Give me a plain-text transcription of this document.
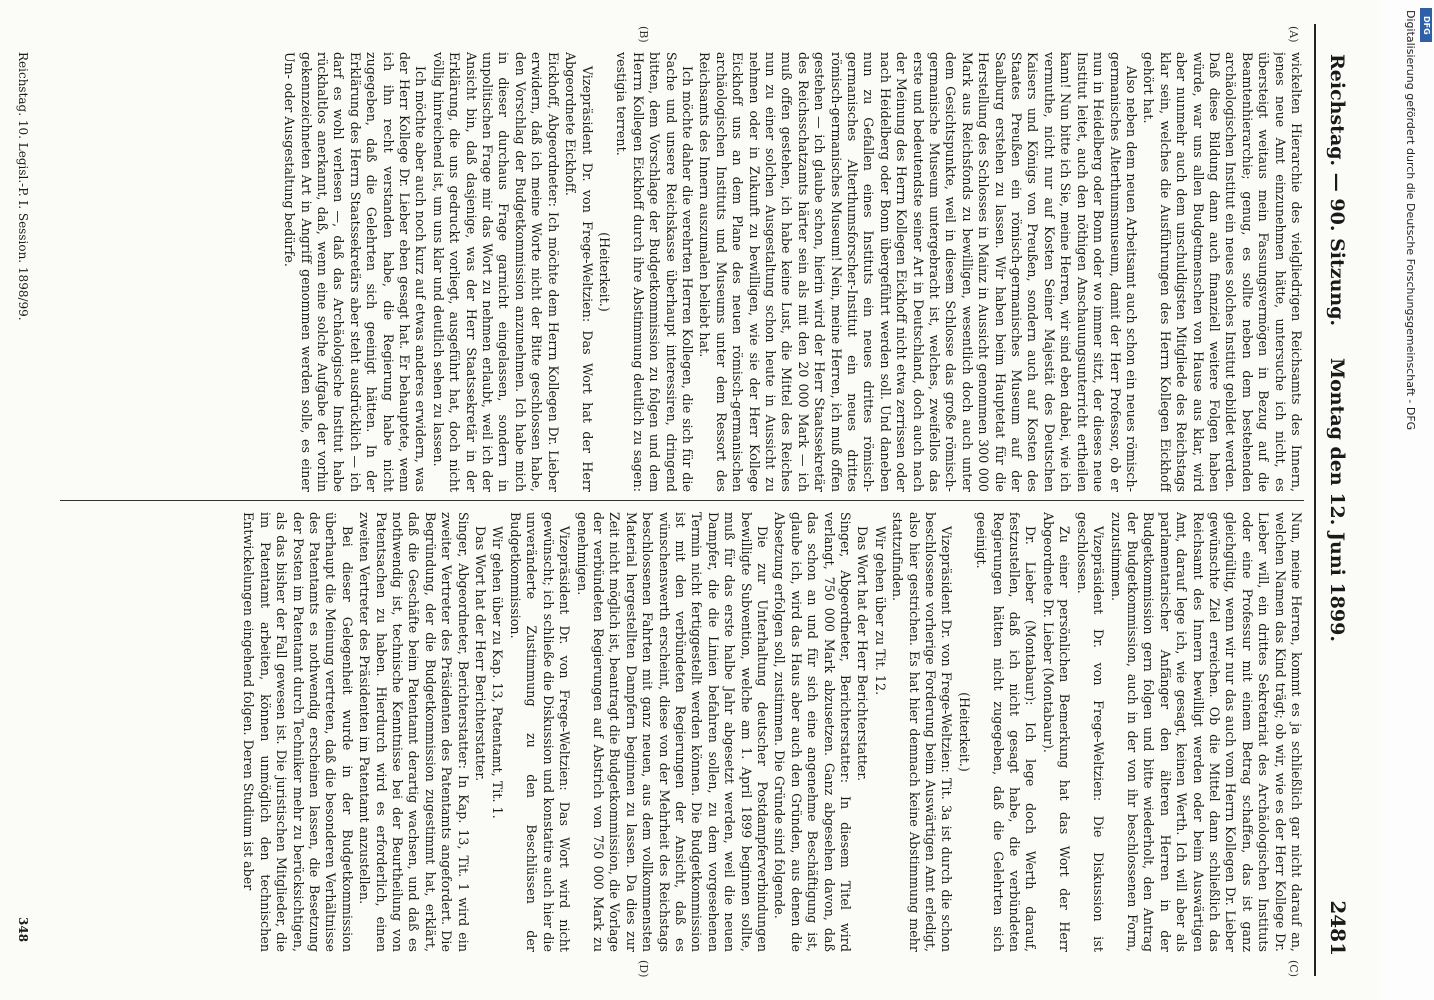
Reichstag. — 90. Sitzung.
Montag den 12. Juni 1899.
2481
(A)
(B)
(C)
(D)

wickelten Hierarchie des vielgliedrigen Reichsamts des Innern, jenes neue Amt einzunehmen hätte, untersuche ich nicht, es übersteigt weitaus mein Fassungsvermögen in Bezug auf die Beamtenhierarchie; genug, es sollte neben dem bestehenden archäologischen Institut ein neues solches Institut gebildet werden. Daß diese Bildung dann auch finanziell weitere Folgen haben würde, war uns allen Budgetmenschen von Hause aus klar, wird aber nunmehr auch dem unschuldigsten Mitgliede des Reichstags klar sein, welches die Ausführungen des Herrn Kollegen Eickhoff gehört hat.

Also neben dem neuen Arbeitsamt auch schon ein neues römisch-germanisches Alterthumsmuseum, damit der Herr Professor, ob er nun in Heidelberg oder Bonn oder wo immer sitzt, der dieses neue Institut leitet, auch den nöthigen Anschauungsunterricht ertheilen kann! Nun bitte ich Sie, meine Herren, wir sind eben dabei, wie ich vermuthe, nicht nur auf Kosten Seiner Majestät des Deutschen Kaisers und Königs von Preußen, sondern auch auf Kosten des Staates Preußen ein römisch-germanisches Museum auf der Saalburg erstehen zu lassen. Wir haben beim Hauptetat für die Herstellung des Schlosses in Mainz in Aussicht genommen 300 000 Mark aus Reichsfonds zu bewilligen, wesentlich doch auch unter dem Gesichtspunkte, weil in diesem Schlosse das große römisch-germanische Museum untergebracht ist, welches, zweifellos das erste und bedeutendste seiner Art in Deutschland, doch auch nach der Meinung des Herrn Kollegen Eickhoff nicht etwa zerrissen oder nach Heidelberg oder Bonn übergeführt werden soll. Und daneben nun zu Gefallen eines Instituts ein neues drittes römisch-germanisches Alterthumsforscher-Institut ein neues drittes römisch-germanisches Museum! Nein, meine Herren, ich muß offen gestehen — ich glaube schon, hierin wird der Herr Staatssekretär des Reichsschatzamts härter sein als mit den 20 000 Mark — ich muß offen gestehen, ich habe keine Lust, die Mittel des Reiches nun zu einer solchen Ausgestaltung schon heute in Aussicht zu nehmen oder in Zukunft zu bewilligen, wie sie der Herr Kollege Eickhoff uns an dem Plane des neuen römisch-germanischen archäologischen Instituts und Museums unter dem Ressort des Reichsamts des Innern auszumalen beliebt hat.

Ich möchte daher die verehrten Herren Kollegen, die sich für die Sache und unsere Reichskasse überhaupt interessiren, dringend bitten, dem Vorschlage der Budgetkommission zu folgen und dem Herrn Kollegen Eickhoff durch ihre Abstimmung deutlich zu sagen: vestigia terrent.

(Heiterkeit.)

Vizepräsident Dr. von Frege-Weltzien: Das Wort hat der Herr Abgeordnete Eickhoff.

Eickhoff, Abgeordneter: Ich möchte dem Herrn Kollegen Dr. Lieber erwidern, daß ich meine Worte nicht der Bitte geschlossen habe, den Vorschlag der Budgetkommission anzunehmen. Ich habe mich in dieser durchaus Frage garnicht eingelassen, sondern in unpolitischen Frage mir das Wort zu nehmen erlaubt, weil ich der Ansicht bin, daß dasjenige, was der Herr Staatssekretär in der Erklärung, die uns gedruckt vorliegt, ausgeführt hat, doch nicht völlig hinreichend ist, um uns klar und deutlich sehen zu lassen.

Ich möchte aber auch noch kurz auf etwas anderes erwidern, was der Herr Kollege Dr. Lieber eben gesagt hat. Er behauptete, wenn ich ihn recht verstanden habe, die Regierung habe nicht zugegeben, daß die Gelehrten sich geeinigt hätten. In der Erklärung des Herrn Staatssekretärs aber steht ausdrücklich — ich darf es wohl verlesen —, daß das Archäologische Institut habe rückhaltlos anerkannt, daß, wenn eine solche Aufgabe der vorhin gekennzeichneten Art in Angriff genommen werden solle, es einer Um- oder Ausgestaltung bedürfe.

Nun, meine Herren, kommt es ja schließlich gar nicht darauf an, welchen Namen das Kind trägt; ob wir, wie es der Herr Kollege Dr. Lieber will, ein drittes Sekretariat des Archäologischen Instituts oder eine Professur mit einem Betrag schaffen, das ist ganz gleichgültig, wenn wir nur das auch vom Herrn Kollegen Dr. Lieber gewünschte Ziel erreichen. Ob die Mittel dann schließlich das Reichsamt des Innern bewilligt werden oder beim Auswärtigen Amt, darauf lege ich, wie gesagt, keinen Werth. Ich will aber als parlamentarischer Anfänger den älteren Herren in der Budgetkommission gern folgen und bitte wiederholt, den Antrag der Budgetkommission, auch in der von ihr beschlossenen Form, zuzustimmen.

Vizepräsident Dr. von Frege-Weltzien: Die Diskussion ist geschlossen.

Zu einer persönlichen Bemerkung hat das Wort der Herr Abgeordnete Dr. Lieber (Montabaur).

Dr. Lieber (Montabaur): Ich lege doch Werth darauf, festzustellen, daß ich nicht gesagt habe, die verbündeten Regierungen hätten nicht zugegeben, daß die Gelehrten sich geeinigt.

(Heiterkeit.)

Vizepräsident Dr. von Frege-Weltzien: Tit. 3a ist durch die schon beschlossene vorherige Forderung beim Auswärtigen Amt erledigt, also hier gestrichen. Es hat hier demnach keine Abstimmung mehr stattzufinden.

Wir gehen über zu Tit. 12.

Das Wort hat der Herr Berichterstatter.

Singer, Abgeordneter, Berichterstatter: In diesem Titel wird verlangt, 750 000 Mark abzusetzen. Ganz abgesehen davon, daß das schon an und für sich eine angenehme Beschäftigung ist, glaube ich, wird das Haus aber auch den Gründen, aus denen die Absetzung erfolgen soll, zustimmen. Die Gründe sind folgende.

Die zur Unterhaltung deutscher Postdampferverbindungen bewilligte Subvention, welche am 1. April 1899 beginnen sollte, muß für das erste halbe Jahr abgesetzt werden, weil die neuen Dampfer, die die Linien befahren sollen, zu dem vorgesehenen Termin nicht fertiggestellt werden können. Die Budgetkommission ist mit den verbündeten Regierungen der Ansicht, daß es wünschenswerth erscheint, diese von der Mehrheit des Reichstags beschlossenen Fahrten mit ganz neuen, aus dem vollkommensten Material hergestellten Dampfern beginnen zu lassen. Da dies zur Zeit nicht möglich ist, beantragt die Budgetkommission, die Vorlage der verbündeten Regierungen auf Abstrich von 750 000 Mark zu genehmigen.

Vizepräsident Dr. von Frege-Weltzien: Das Wort wird nicht gewünscht; ich schließe die Diskussion und konstatire auch hier die unveränderte Zustimmung zu den Beschlüssen der Budgetkommission.

Wir gehen über zu Kap. 13, Patentamt, Tit. 1.

Das Wort hat der Herr Berichterstatter.

Singer, Abgeordneter, Berichterstatter: In Kap. 13, Tit. 1 wird ein zweiter Vertreter des Präsidenten des Patentamts angefordert. Die Begründung, der die Budgetkommission zugestimmt hat, erklärt, daß die Geschäfte beim Patentamt derartig wachsen, und daß es nothwendig ist, technische Kenntnisse bei der Beurtheilung von Patentsachen zu haben. Hierdurch wird es erforderlich, einen zweiten Vertreter des Präsidenten im Patentamt anzustellen.

Bei dieser Gelegenheit wurde in der Budgetkommission überhaupt die Meinung vertreten, daß die besonderen Verhältnisse des Patentamts es nothwendig erscheinen lassen, die Besetzung der Posten im Patentamt durch Techniker mehr zu berücksichtigen, als das bisher der Fall gewesen ist. Die juristischen Mitglieder, die im Patentamt arbeiten, können unmöglich den technischen Entwickelungen eingehend folgen. Deren Studium ist aber

Reichstag. 10. Legisl.-P. I. Session. 1898/99.
348
Digitalisierung gefördert durch die Deutsche Forschungsgemeinschaft - DFG DFG
